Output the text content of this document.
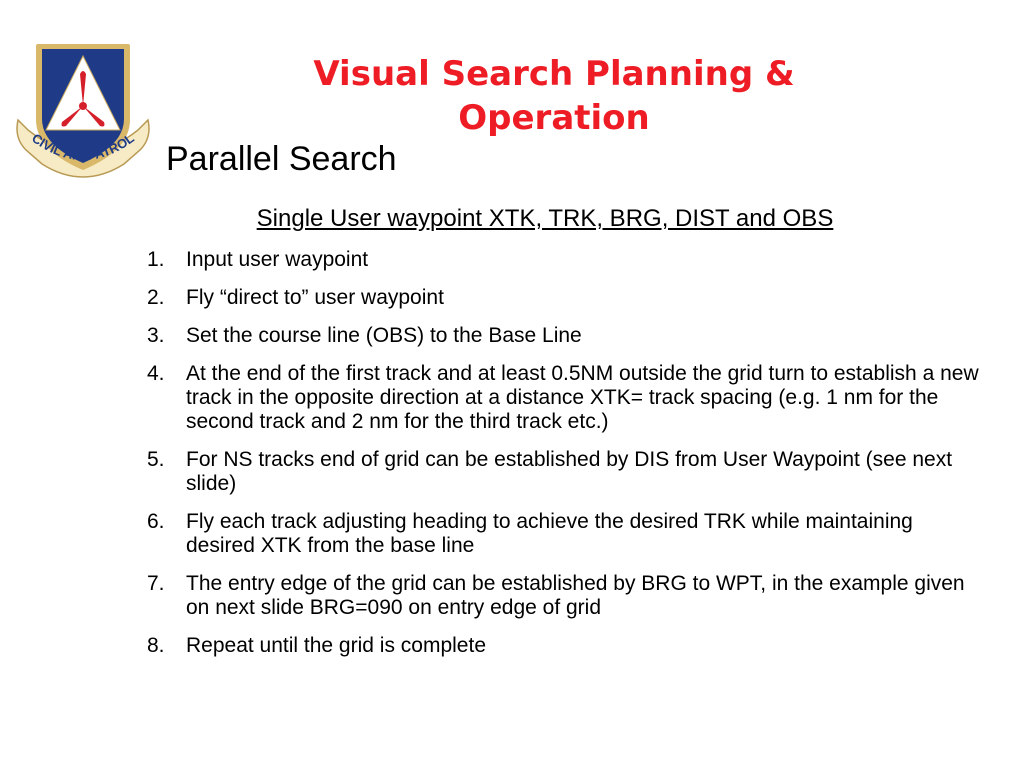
CIVIL AIR PATROL
Visual Search Planning & Operation
Parallel Search
Single User waypoint XTK, TRK, BRG, DIST and OBS
1. Input user waypoint
2. Fly “direct to” user waypoint
3. Set the course line (OBS) to the Base Line
4. At the end of the first track and at least 0.5NM outside the grid turn to establish a new track in the opposite direction at a distance XTK= track spacing (e.g. 1 nm for the second track and 2 nm for the third track etc.)
5. For NS tracks end of grid can be established by DIS from User Waypoint (see next slide)
6. Fly each track adjusting heading to achieve the desired TRK while maintaining desired XTK from the base line
7. The entry edge of the grid can be established by BRG to WPT, in the example given on next slide BRG=090 on entry edge of grid
8. Repeat until the grid is complete
